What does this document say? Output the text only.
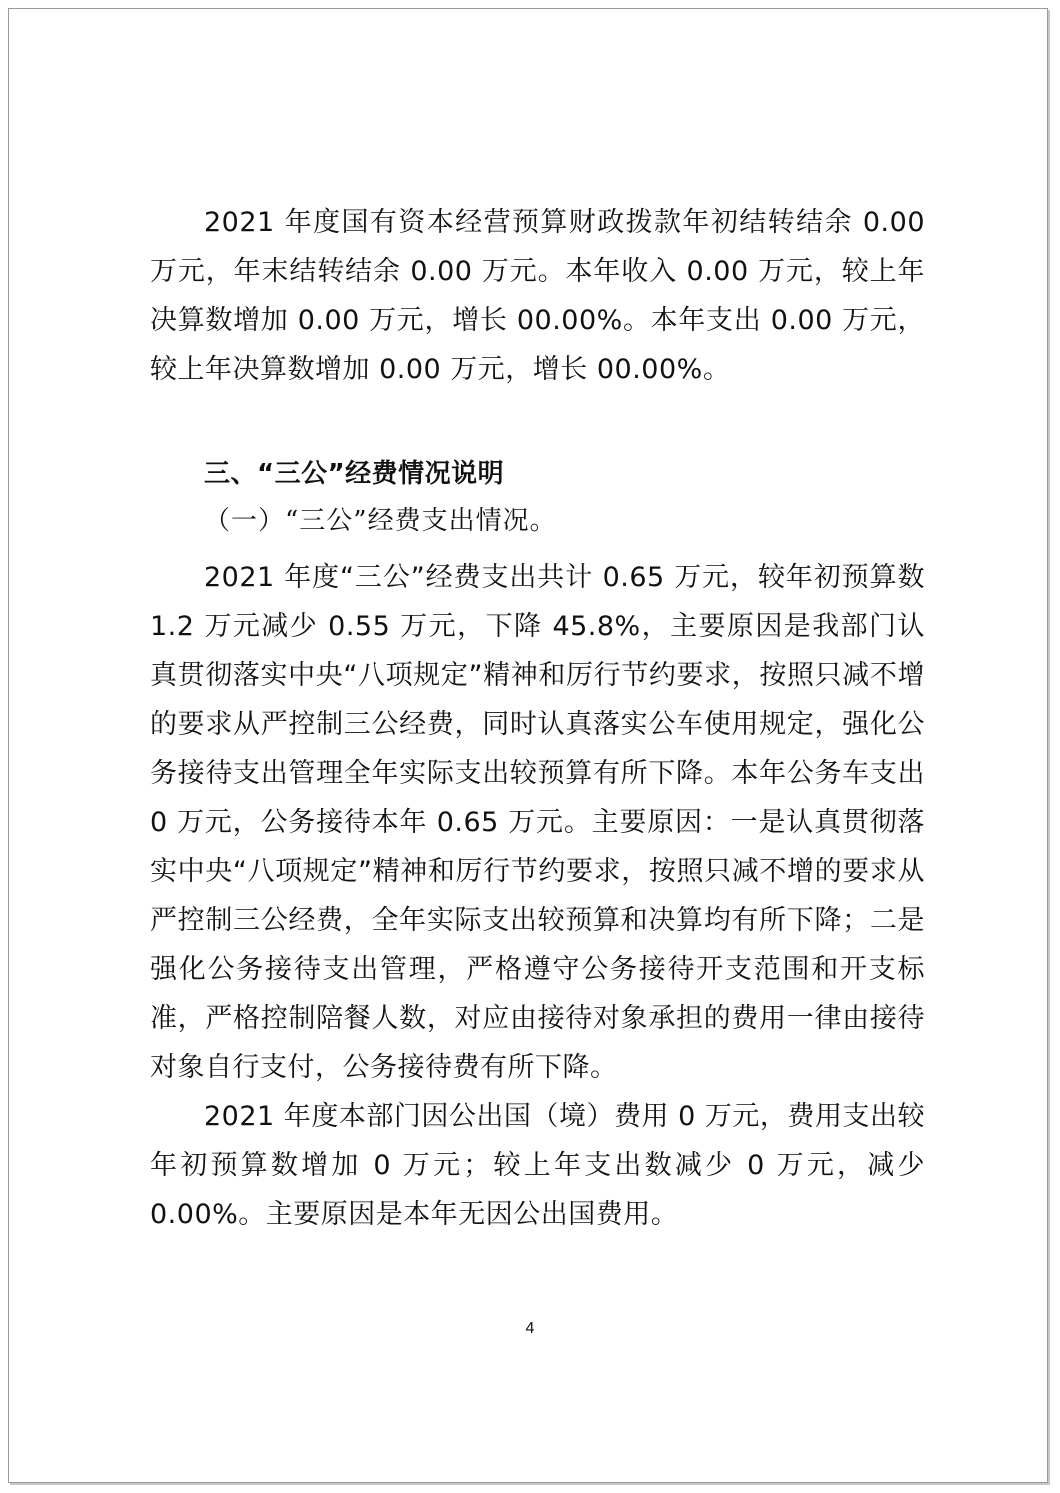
2021 年度国有资本经营预算财政拨款年初结转结余 0.00 万元，年末结转结余 0.00 万元。本年收入 0.00 万元，较上年决算数增加 0.00 万元，增长 00.00%。本年支出 0.00 万元，较上年决算数增加 0.00 万元，增长 00.00%。

三、“三公”经费情况说明

（一）“三公”经费支出情况。

2021 年度“三公”经费支出共计 0.65 万元，较年初预算数 1.2 万元减少 0.55 万元，下降 45.8%，主要原因是我部门认真贯彻落实中央“八项规定”精神和厉行节约要求，按照只减不增的要求从严控制三公经费，同时认真落实公车使用规定，强化公务接待支出管理全年实际支出较预算有所下降。本年公务车支出 0 万元，公务接待本年 0.65 万元。主要原因：一是认真贯彻落实中央“八项规定”精神和厉行节约要求，按照只减不增的要求从严控制三公经费，全年实际支出较预算和决算均有所下降；二是强化公务接待支出管理，严格遵守公务接待开支范围和开支标准，严格控制陪餐人数，对应由接待对象承担的费用一律由接待对象自行支付，公务接待费有所下降。

2021 年度本部门因公出国（境）费用 0 万元，费用支出较年初预算数增加 0 万元；较上年支出数减少 0 万元，减少 0.00%。主要原因是本年无因公出国费用。

4
